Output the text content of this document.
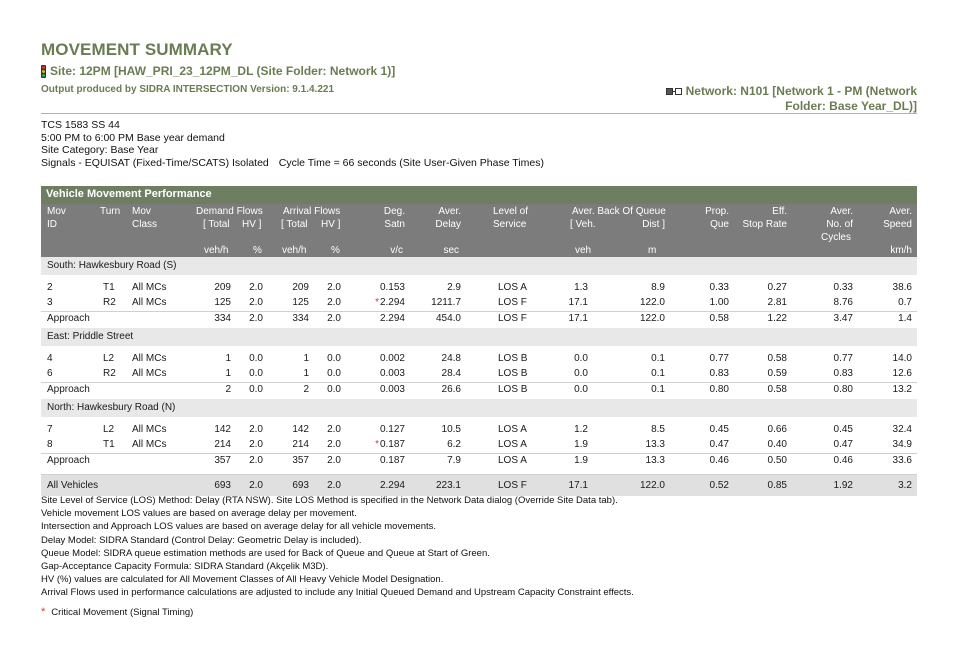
MOVEMENT SUMMARY
Site: 12PM [HAW_PRI_23_12PM_DL (Site Folder: Network 1)]
Output produced by SIDRA INTERSECTION Version: 9.1.4.221	Network: N101 [Network 1 - PM (Network
Folder: Base Year_DL)]
TCS 1583 SS 44
5:00 PM to 6:00 PM Base year demand
Site Category: Base Year
Signals - EQUISAT (Fixed-Time/SCATS) Isolated Cycle Time = 66 seconds (Site User-Given Phase Times)
Vehicle Movement Performance
Mov	Turn Mov	Demand Flows Arrival Flows	Deg.	Aver.	Level of	Aver. Back Of Queue	Prop.	Eff.	Aver.	Aver.
ID	Class	[ Total HV ] [ Total HV ]	Satn	Delay	Service	[ Veh.	Dist ]	Que Stop Rate	No. of	Speed
Cycles
veh/h % veh/h %	v/c	sec	veh	m	km/h
South: Hawkesbury Road (S)
2	T1 All MCs	209 2.0	209 2.0	0.153	2.9	LOS A	1.3	8.9	0.33	0.27	0.33	38.6
3	R2 All MCs	125 2.0	125 2.0	*2.294	1211.7	LOS F	17.1	122.0	1.00	2.81	8.76	0.7
Approach	334 2.0	334 2.0	2.294	454.0	LOS F	17.1	122.0	0.58	1.22	3.47	1.4
East: Priddle Street
4	L2 All MCs	1 0.0	1 0.0	0.002	24.8	LOS B	0.0	0.1	0.77	0.58	0.77	14.0
6	R2 All MCs	1 0.0	1 0.0	0.003	28.4	LOS B	0.0	0.1	0.83	0.59	0.83	12.6
Approach	2 0.0	2 0.0	0.003	26.6	LOS B	0.0	0.1	0.80	0.58	0.80	13.2
North: Hawkesbury Road (N)
7	L2 All MCs	142 2.0	142 2.0	0.127	10.5	LOS A	1.2	8.5	0.45	0.66	0.45	32.4
8	T1 All MCs	214 2.0	214 2.0	*0.187	6.2	LOS A	1.9	13.3	0.47	0.40	0.47	34.9
Approach	357 2.0	357 2.0	0.187	7.9	LOS A	1.9	13.3	0.46	0.50	0.46	33.6
All Vehicles	693 2.0	693 2.0	2.294	223.1	LOS F	17.1	122.0	0.52	0.85	1.92	3.2
Site Level of Service (LOS) Method: Delay (RTA NSW). Site LOS Method is specified in the Network Data dialog (Override Site Data tab).
Vehicle movement LOS values are based on average delay per movement.
Intersection and Approach LOS values are based on average delay for all vehicle movements.
Delay Model: SIDRA Standard (Control Delay: Geometric Delay is included).
Queue Model: SIDRA queue estimation methods are used for Back of Queue and Queue at Start of Green.
Gap-Acceptance Capacity Formula: SIDRA Standard (Akçelik M3D).
HV (%) values are calculated for All Movement Classes of All Heavy Vehicle Model Designation.
Arrival Flows used in performance calculations are adjusted to include any Initial Queued Demand and Upstream Capacity Constraint effects.
* Critical Movement (Signal Timing)
